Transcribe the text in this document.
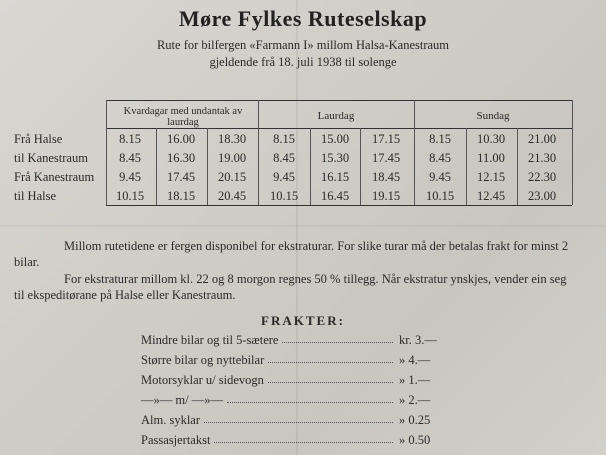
Møre Fylkes Ruteselskap
Rute for bilfergen «Farmann I» millom Halsa-Kanestraum
gjeldende frå 18. juli 1938 til solenge
Kvardagar med undantak av laurdag
Laurdag	Sundag
Frå Halse	8.15	16.00	18.30	8.15	15.00	17.15	8.15	10.30	21.00
til Kanestraum	8.45	16.30	19.00	8.45	15.30	17.45	8.45	11.00	21.30
Frå Kanestraum	9.45	17.45	20.15	9.45	16.15	18.45	9.45	12.15	22.30
til Halse	10.15	18.15	20.45	10.15	16.45	19.15	10.15	12.45	23.00
Millom rutetidene er fergen disponibel for ekstraturar. For slike turar må der betalas frakt for minst 2 bilar.
For ekstraturar millom kl. 22 og 8 morgon regnes 50 % tillegg. Når ekstratur ynskjes, vender ein seg til ekspeditørane på Halse eller Kanestraum.
FRAKTER:
Mindre bilar og til 5-sætere	kr. 3.—
Større bilar og nyttebilar	» 4.—
Motorsyklar u/ sidevogn	» 1.—
—»— m/ —»—	» 2.—
Alm. syklar	» 0.25
Passasjertakst	» 0.50
